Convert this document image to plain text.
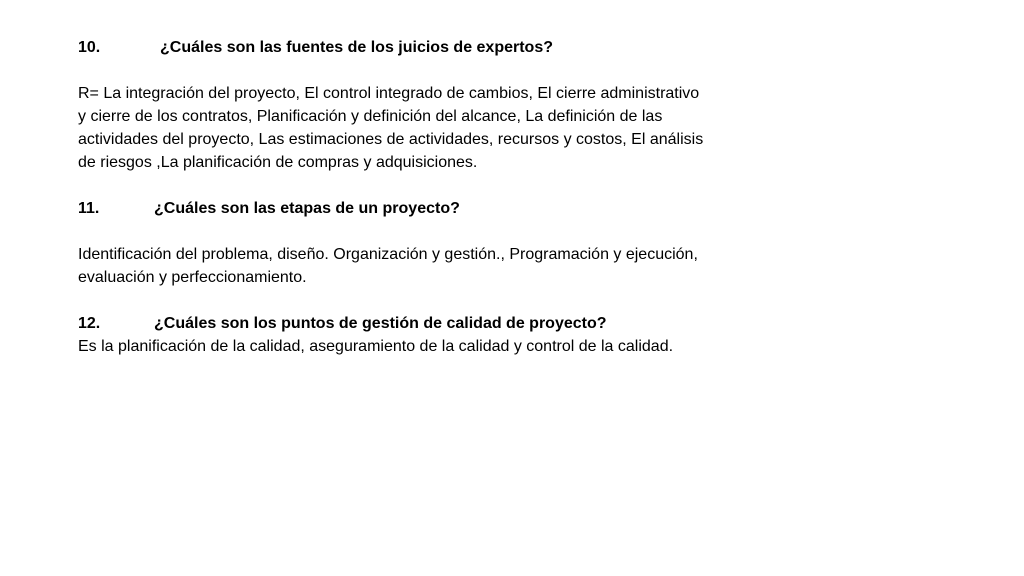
10.	¿Cuáles son las fuentes de los juicios de expertos?
R= La integración del proyecto, El control integrado de cambios, El cierre administrativo
y cierre de los contratos, Planificación y definición del alcance, La definición de las
actividades del proyecto, Las estimaciones de actividades, recursos y costos, El análisis
de riesgos ,La planificación de compras y adquisiciones.
11.	¿Cuáles son las etapas de un proyecto?
Identificación del problema, diseño. Organización y gestión., Programación y ejecución,
evaluación y perfeccionamiento.
12.	¿Cuáles son los puntos de gestión de calidad de proyecto?
Es la planificación de la calidad, aseguramiento de la calidad y control de la calidad.
